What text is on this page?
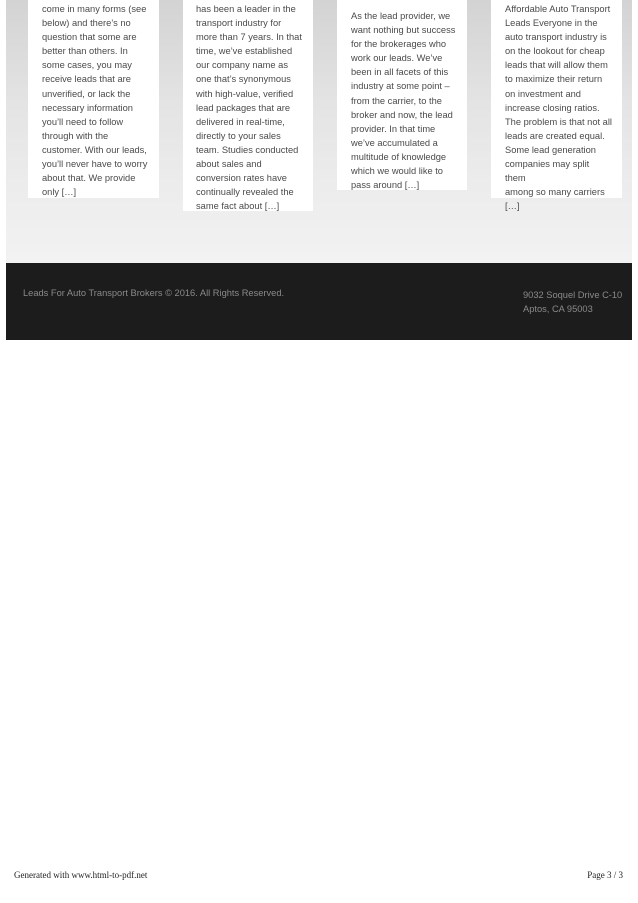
come in many forms (see
below) and there’s no
question that some are
better than others. In
some cases, you may
receive leads that are
unverified, or lack the
necessary information
you’ll need to follow
through with the
customer. With our leads,
you’ll never have to worry
about that. We provide
only […]

has been a leader in the
transport industry for
more than 7 years. In that
time, we’ve established
our company name as
one that’s synonymous
with high-value, verified
lead packages that are
delivered in real-time,
directly to your sales
team. Studies conducted
about sales and
conversion rates have
continually revealed the
same fact about […]

As the lead provider, we
want nothing but success
for the brokerages who
work our leads. We’ve
been in all facets of this
industry at some point –
from the carrier, to the
broker and now, the lead
provider. In that time
we’ve accumulated a
multitude of knowledge
which we would like to
pass around […]

Affordable Auto Transport
Leads Everyone in the
auto transport industry is
on the lookout for cheap
leads that will allow them
to maximize their return
on investment and
increase closing ratios.
The problem is that not all
leads are created equal.
Some lead generation
companies may split them
among so many carriers
[…]

Leads For Auto Transport Brokers © 2016. All Rights Reserved.	9032 Soquel Drive C-10
Aptos, CA 95003
Generated with www.html-to-pdf.net	Page 3 / 3
